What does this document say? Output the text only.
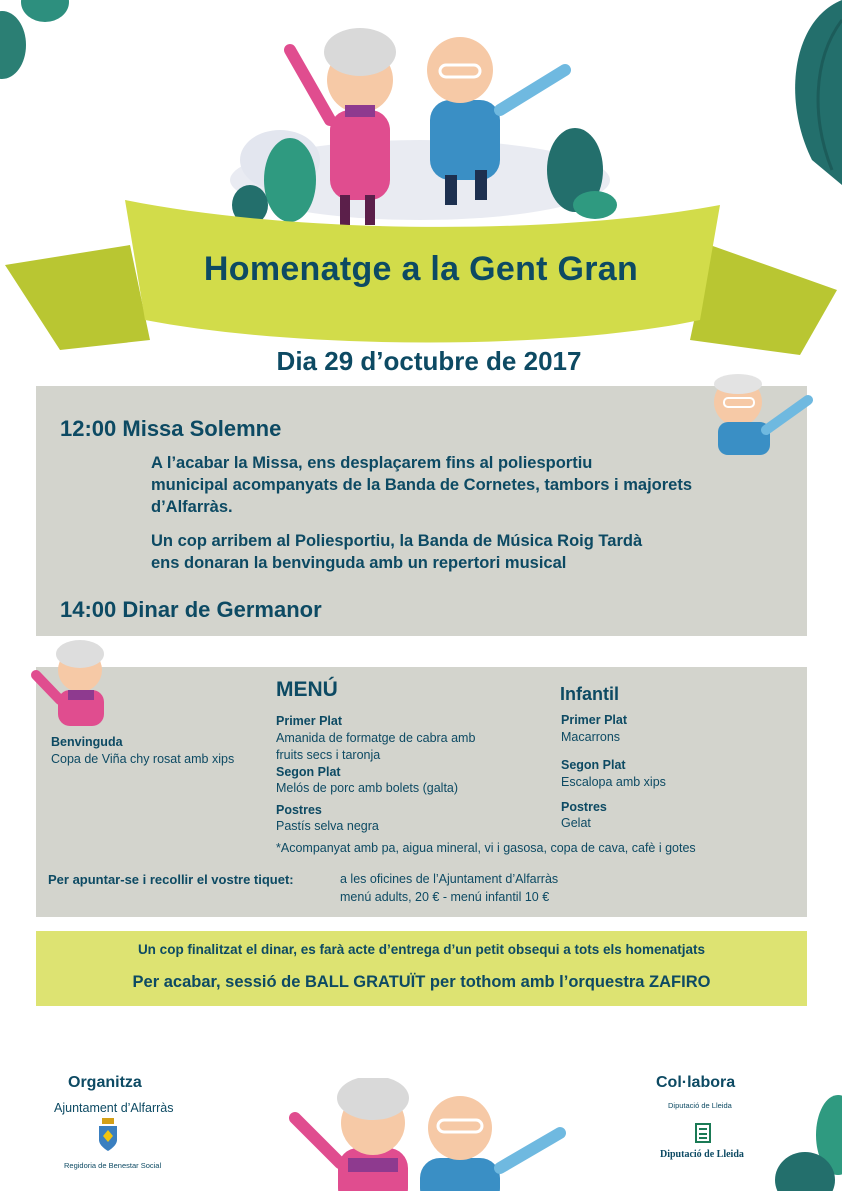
Homenatge a la Gent Gran
Dia 29 d’octubre de 2017
12:00 Missa Solemne
A l’acabar la Missa, ens desplaçarem fins al poliesportiu
municipal acompanyats de la Banda de Cornetes, tambors i majorets
d’Alfarràs.
Un cop arribem al Poliesportiu, la Banda de Música Roig Tardà
ens donaran la benvinguda amb un repertori musical
14:00 Dinar de Germanor
MENÚ	Infantil
Benvinguda
Copa de Viña chy rosat amb xips
Primer Plat
Amanida de formatge de cabra amb
fruits secs i taronja
Segon Plat
Melós de porc amb bolets (galta)
Postres
Pastís selva negra
Primer Plat
Macarrons
Segon Plat
Escalopa amb xips
Postres
Gelat
*Acompanyat amb pa, aigua mineral, vi i gasosa, copa de cava, cafè i gotes
Per apuntar-se i recollir el vostre tiquet:	a les oficines de l’Ajuntament d’Alfarràs
menú adults, 20 € - menú infantil 10 €
Un cop finalitzat el dinar, es farà acte d’entrega d’un petit obsequi a tots els homenatjats
Per acabar, sessió de BALL GRATUÏT per tothom amb l’orquestra ZAFIRO
Organitza
Ajuntament d’Alfarràs
Regidoria de Benestar Social
Col·labora
Diputació de Lleida
Diputació de Lleida
